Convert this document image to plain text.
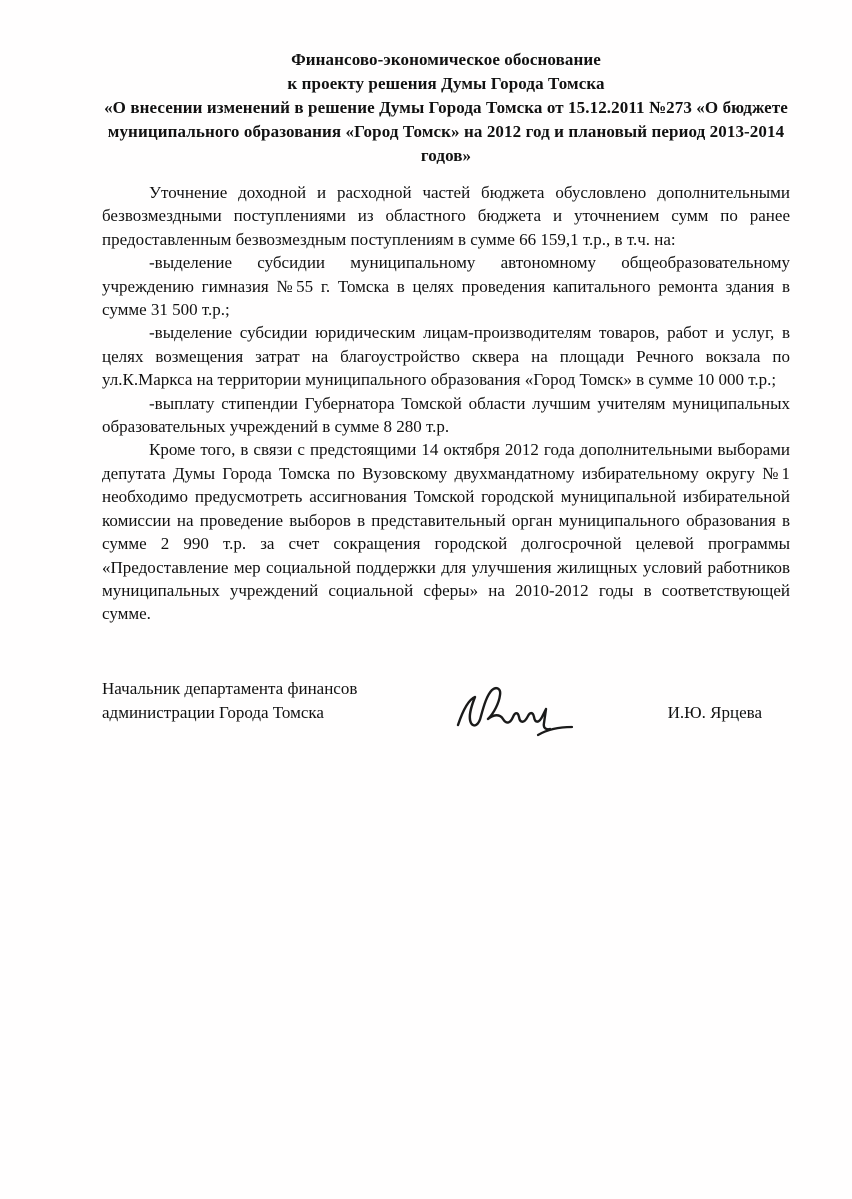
Финансово-экономическое обоснование
к проекту решения Думы Города Томска
«О внесении изменений в решение Думы Города Томска от 15.12.2011 №273 «О бюджете муниципального образования «Город Томск» на 2012 год и плановый период 2013-2014 годов»

Уточнение доходной и расходной частей бюджета обусловлено дополнительными безвозмездными поступлениями из областного бюджета и уточнением сумм по ранее предоставленным безвозмездным поступлениям в сумме 66 159,1 т.р., в т.ч. на:

-выделение субсидии муниципальному автономному общеобразовательному учреждению гимназия №55 г. Томска в целях проведения капитального ремонта здания в сумме 31 500 т.р.;

-выделение субсидии юридическим лицам-производителям товаров, работ и услуг, в целях возмещения затрат на благоустройство сквера на площади Речного вокзала по ул.К.Маркса на территории муниципального образования «Город Томск» в сумме 10 000 т.р.;

-выплату стипендии Губернатора Томской области лучшим учителям муниципальных образовательных учреждений в сумме 8 280 т.р.

Кроме того, в связи с предстоящими 14 октября 2012 года дополнительными выборами депутата Думы Города Томска по Вузовскому двухмандатному избирательному округу №1 необходимо предусмотреть ассигнования Томской городской муниципальной избирательной комиссии на проведение выборов в представительный орган муниципального образования в сумме 2 990 т.р. за счет сокращения городской долгосрочной целевой программы «Предоставление мер социальной поддержки для улучшения жилищных условий работников муниципальных учреждений социальной сферы» на 2010-2012 годы в соответствующей сумме.

Начальник департамента финансов
администрации Города Томска	И.Ю. Ярцева
